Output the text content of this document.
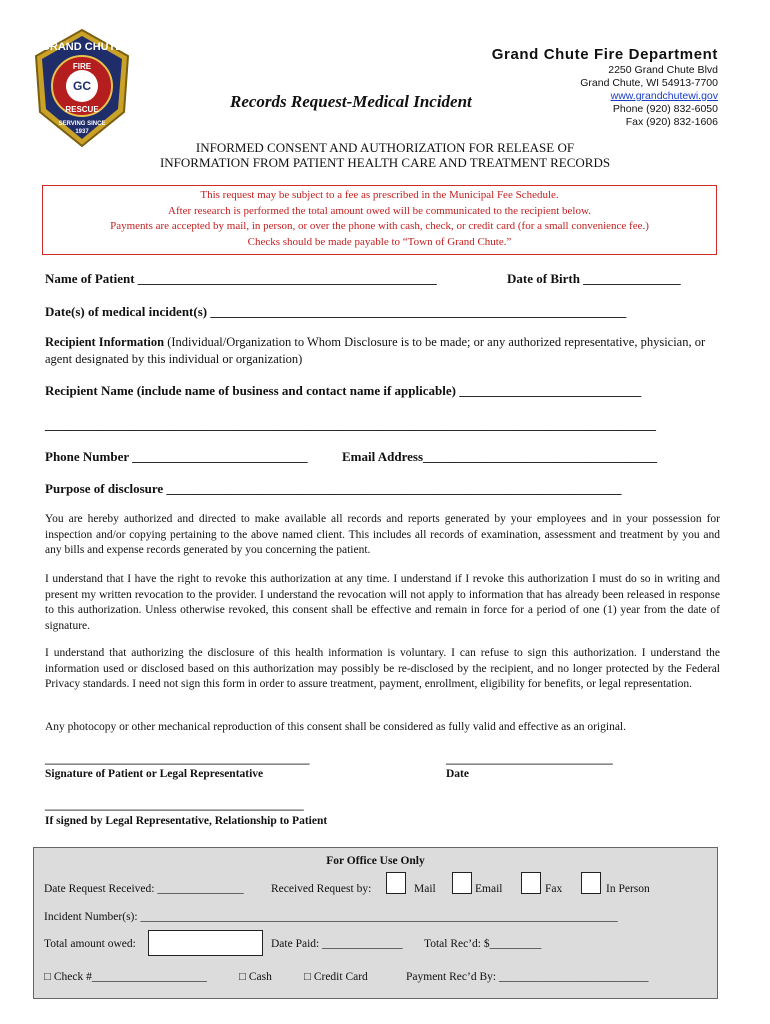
GC
GRAND CHUTE
FIRE
RESCUE
SERVING SINCE
1937
Grand Chute Fire Department
2250 Grand Chute Blvd
Grand Chute, WI 54913-7700
www.grandchutewi.gov
Phone (920) 832-6050
Fax (920) 832-1606
Records Request-Medical Incident
INFORMED CONSENT AND AUTHORIZATION FOR RELEASE OF
INFORMATION FROM PATIENT HEALTH CARE AND TREATMENT RECORDS
This request may be subject to a fee as prescribed in the Municipal Fee Schedule.
After research is performed the total amount owed will be communicated to the recipient below.
Payments are accepted by mail, in person, or over the phone with cash, check, or credit card (for a small convenience fee.)
Checks should be made payable to “Town of Grand Chute.”
Name of Patient ______________________________________________	Date of Birth _______________
Date(s) of medical incident(s) ________________________________________________________________
Recipient Information (Individual/Organization to Whom Disclosure is to be made; or any authorized representative, physician, or agent designated by this individual or organization)
Recipient Name (include name of business and contact name if applicable) ____________________________
______________________________________________________________________________________________
Phone Number ___________________________	Email Address____________________________________
Purpose of disclosure ______________________________________________________________________
You are hereby authorized and directed to make available all records and reports generated by your employees and in your possession for inspection and/or copying pertaining to the above named client. This includes all records of examination, assessment and treatment by you and any bills and expense records generated by you concerning the patient.
I understand that I have the right to revoke this authorization at any time. I understand if I revoke this authorization I must do so in writing and present my written revocation to the provider. I understand the revocation will not apply to information that has already been released in response to this authorization. Unless otherwise revoked, this consent shall be effective and remain in force for a period of one (1) year from the date of signature.
I understand that authorizing the disclosure of this health information is voluntary. I can refuse to sign this authorization. I understand the information used or disclosed based on this authorization may possibly be re-disclosed by the recipient, and no longer protected by the Federal Privacy standards. I need not sign this form in order to assure treatment, payment, enrollment, eligibility for benefits, or legal representation.
Any photocopy or other mechanical reproduction of this consent shall be considered as fully valid and effective as an original.
______________________________________________	_____________________________
Signature of Patient or Legal Representative	Date
_____________________________________________
If signed by Legal Representative, Relationship to Patient
For Office Use Only
Date Request Received: _______________ Received Request by:	Mail	Email	Fax	In Person
Incident Number(s): ___________________________________________________________________________________
Total amount owed:	Date Paid: ______________ Total Rec’d: $_________
□ Check #____________________	□ Cash	□ Credit Card	Payment Rec’d By: __________________________
